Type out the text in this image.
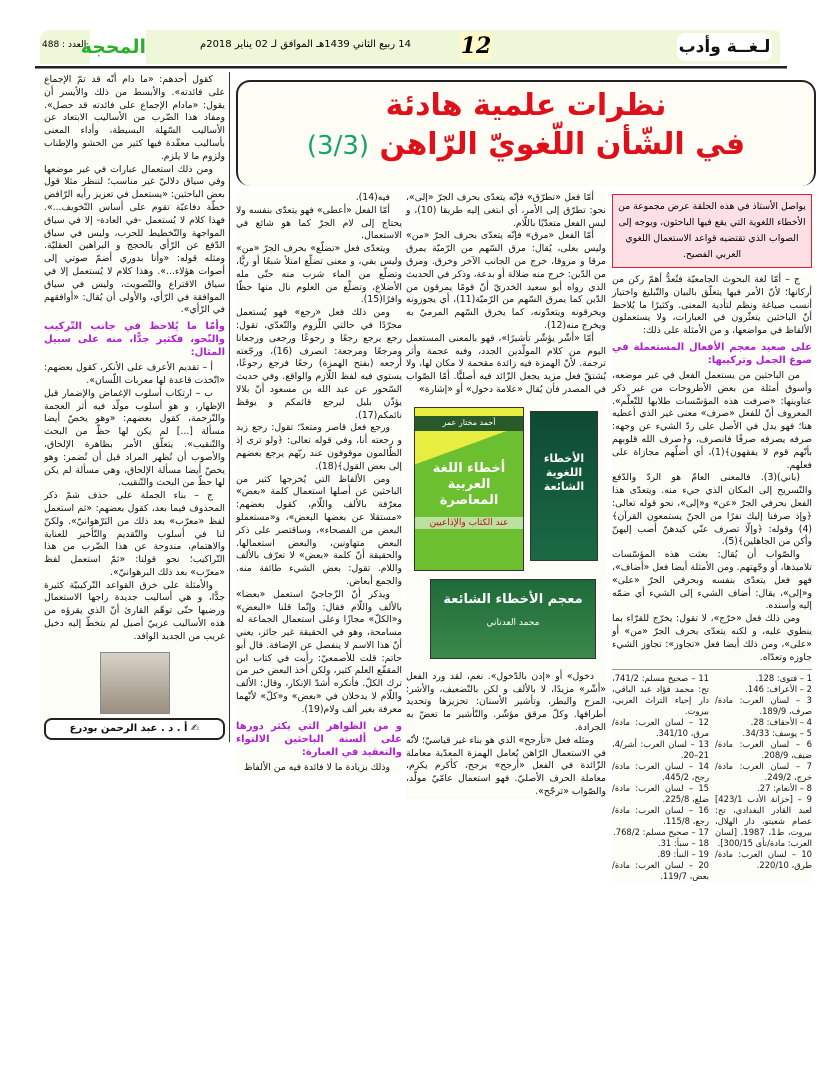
لـغــة وأدب
12
14 ربيع الثاني 1439هـ الموافق لـ 02 يناير 2018م
المحجة
العدد : 488
نظرات علمية هادئة
في الشّأن اللّغويّ الرّاهن (3/3)
يواصل الأستاذ في هذه الحلقة عرض مجموعة من الأخطاء اللغوية التي يقع فيها الباحثون، ويوجه إلى الصواب الذي تقتضيه قواعد الاستعمال اللغوي العربي الفصيح.

ج – أمّا لغة البحوث الجامعيّة فتُعدُّ أهمّ ركن من أركانها؛ لأنّ الأمر فيها يتعلّق بالبيان والتّبليغ واختيار أنسب صياغة ونظم لتأدية المعنى. وكثيرًا ما يُلاحظ أنّ الباحثين يتعثّرون في العبارات، ولا يستعملون الألفاظ في مواضعها، و من الأمثلة على ذلك:

على صعيد معجم الأفعال المستعملة في صوغ الجمل وتركيبها:

من الباحثين من يستعمل الفعل في غير موضعه، وأسوق أمثلة من بعض الأطروحات من غير ذكر عناوينها: «صرفت هذه المؤسّسات طلابها للتّعلّم». المعروف أنّ للفعل «صرف» معنى غير الذي أعطيه هنا؛ فهو يدل في الأصل على ردّ الشيء عن وجهه: صرفه يصرفه صرفًا فانصرف، و﴿صرف الله قلوبهم بأنّهم قوم لا يفقهون﴾(1)، أي أضلّهم مجازاة على فعلهم.

(باني)(3). فالمعنى العامّ هو الردّ والدّفع والتّسريح إلى المكان الذي جيء منه. ويتعدّى هذا الفعل بحرفي الجرّ «عن» و«إلى»، نحو قوله تعالى: ﴿وإذ صرفنا إليك نفرًا من الجنّ يستمعون القرآن﴾(4) وقوله: ﴿وإلّا تصرف عنّي كيدهنّ أصب إليهنّ وأكن من الجاهلين﴾(5).

والصّواب أن يُقال: بعثت هذه المؤسّسات تلاميذها، أو وجّهتهم. ومن الأمثلة أيضا فعل «أضاف»، فهو فعل يتعدّى بنفسه وبحرفي الجرّ «على» و«إلى»، يقال: أضاف الشيء إلى الشيء أي ضمّه إليه وأسنده.

ومن ذلك فعل «خرّج»، لا تقول: يخرّج للقرّاء بما ينطوي عليه، و لكنه يتعدّى بحرف الجرّ «من» أو «على»، ومن ذلك أيضا فعل «تجاوز»: تجاوز الشيء جاوزه وتعدّاه.

1 – فتوى: 128.
2 – الأعراف: 146.
3 – لسان العرب: مادة/صرف، 189/9.
4 – الأحقاف: 28.
5 – يوسف: 34/33.
6 – لسان العرب: مادة/ضيف، 208/9.
7 – لسان العرب: مادة/خرج، 249/2.
8 – الأنعام: 27.
9 – [خزانة الأدب 423/1] لعبد القادر البغدادي، تح: عصام شعيتو، دار الهلال، بيروت، ط1، 1987. [لسان العرب: مادة/نأى 300/15].
10 – لسان العرب: مادة/طرق، 220/10.
11 – صحيح مسلم: 741/2، تح: محمد فؤاد عبد الباقي، دار إحياء التراث العربي، بيروت.
12 – لسان العرب: مادة/مرق، 341/10.
13 – لسان العرب: أشر/4، 21–20.
14 – لسان العرب: مادة/رجح، 445/2.
15 – لسان العرب: مادة/ضلع، 225/8.
16 – لسان العرب: مادة/رجع، 115/8.
17 – صحيح مسلم: 768/2.
18 – سبأ: 31.
19 – النبأ: 89.
20 – لسان العرب: مادة/بعض، 119/7.

أمّا فعل «تطرّق» فإنّه يتعدّى بحرف الجرّ «إلى»، نحو: تطرّق إلى الأمر، أي ابتغى إليه طريقا (10)، و ليس الفعل متعدّيًا باللّام.

أمّا الفعل «مرق» فإنّه يتعدّى بحرف الجرّ «من» وليس بعلى، يُقال: مرق السّهم من الرّميّة يمرق مرقا و مروقا، خرج من الجانب الآخر وخرق. ومرق من الدّين: خرج منه ضلالة أو بدعة، وذكر في الحديث الذي رواه أبو سعيد الخدريّ أنّ قومًا يمرقون من الدّين كما يمرق السّهم من الرّميّة(11)، أي يجوزونه ويخرقونه ويتعدّونه، كما يخرق السّهم المرميّ به ويخرج منه(12).

أمّا «أشّر يؤشّر تأشيرًا»، فهو بالمعنى المستعمل اليوم من كلام المولّدين الجدد، وفيه عجمة وأثر ترجمة. لأنّ الهمزة فيه زائدة مقحمة لا مكان لها، ولا يُشتقّ فعل مزيد يجعل الزّائد فيه أصليًّا. أمّا الصّواب في المصدر فأن يُقال «علامة دخول» أو «إشارة»

أحمد مختار عمر
أخطاء اللغة العربية المعاصرة
عند الكتاب والإذاعيين
الأخطاء اللغوية الشائعة
معجم الأخطاء الشائعة
محمد العدناني

دخول» أو «إذن بالدّخول». نعم، لقد ورد الفعل «أشّر» مزيدًا، لا بالألف و لكن بالتّضعيف، والأشر: المرح والبطر، وتأشير الأسنان: تحزيزها وتحديد أطرافها. وكلّ مرقق مؤشّر. والتّأشير ما تعضّ به الجرادة.

ومثله فعل «تأرجح» الذي هو بناء غير قياسيّ؛ لأنّه في الاستعمال الرّاهن يُعامل الهمزة المعدّية معاملة الزّائدة في الفعل «أرجح» يرجح، كأكرم يكرم، معاملة الحرف الأصليّ. فهو استعمال عامّيّ مولّد، والصّواب «ترجّح».

فيه(14).

أمّا الفعل «أعطى» فهو يتعدّى بنفسه ولا يحتاج إلى لام الجرّ كما هو شائع في الاستعمال.

ويتعدّى فعل «تضلّع» بحرف الجرّ «من» وليس بفي، و معنى تضلّع امتلأ شبعًا أو ريًّا، وتضلّع من الماء شرب منه حتّى مله الأضلاع، وتضلّع من العلوم نال منها حظّا وافرًا(15).

ومن ذلك فعل «رجع» فهو يُستعمل مجرّدًا في حالتي اللّزوم والتّعدّي، تقول: رجع يرجع رجعًا و رجوعًا ورجعى ورجعانا ومرجعًا ومرجعة: انصرف (16)، ورجّعته أرجعه (بفتح الهمزة) رجعًا فرجع رجوعًا، يستوي فيه لفظ اللّازم والواقع. وفي حديث السّحور عن عبد الله بن مسعود أنّ بلالا يؤذّن بليل ليرجع قائمكم و يوقظ نائمكم(17).

ورجع فعل قاصر ومتعدّ؛ تقول: رجع زيد و رجعته أنا، وفي قوله تعالى: ﴿ولو ترى إذ الظّالمون موقوفون عند ربّهم يرجع بعضهم إلى بعض القول﴾(18).

ومن الألفاظ التي يُخرجها كثير من الباحثين عن أصلها استعمال كلمة «بعض» معرّفة بالألف واللّام، كقول بعضهم: «مستقلا عن بعضها البعض»، و«مستعملو البعض من الفصحاء»، وساقتصر على ذكر البعض متهاونين، والبعض استعمالها. والحقيقة أنّ كلمة «بعض» لا تعرّف بالألف واللام. تقول: بعض الشيء طائفة منه. والجمع أبعاض.

ويذكر أنّ الزّجاجيّ استعمل «بعضا» بالألف واللّام فقال: وإنّما قلنا «البعض» و«الكلّ» مجازًا وعلى استعمال الجماعة له مسامحة، وهو في الحقيقة غير جائز، يعني أنّ هذا الاسم لا ينفصل عن الإضافة. قال أبو حاتم: قلت للأصمعيّ: رأيت في كتاب ابن المقفّع العلم كثير، ولكن أخذ البعض خير من ترك الكلّ. فأنكره أشدّ الإنكار، وقال: الألف واللّام لا يدخلان في «بعض» و«كلّ» لأنّهما معرفة بغير ألف ولام(19).

و من الظواهر التي يكثر دورها على ألسنة الباحثين الالتواء والتعقيد في العبارة:

وذلك بزيادة ما لا فائدة فيه من الألفاظ

كقول أحدهم: «ما دام أنّه قد تمّ الإجماع على فائدته». والأبسط من ذلك والأيسر أن يقول: «مادام الإجماع على فائدته قد حصل». ومفاد هذا الضّرب من الأساليب الابتعاد عن الأساليب السّهلة البسيطة، وأداء المعنى بأساليب معقّدة فيها كثير من الحشو والإطناب ولزوم ما لا يلزم.

ومن ذلك استعمال عبارات في غير موضعها وفي سياق دلاليّ غير مناسب؛ لننظر مثلا قول بعض الباحثين: «يستعمل في تعزيز رأيه الرّافض خطّة دفاعيّة تقوم على أساس التّخويف...». فهذا كلام لا يُستعمل -في العادة- إلا في سياق المواجهة والتّخطيط للحرب، وليس في سياق الدّفع عن الرّأي بالحجج و البراهين العقليّة. ومثله قوله: «وأنا بدوري أضمّ صوتي إلى أصوات هؤلاء...». وهذا كلام لا يُستعمل إلا في سياق الاقتراع والتّصويت، وليس في سياق الموافقة في الرّأي، والأولى أن يُقال: «أوافقهم في الرّأي».

وأمّا ما يُلاحظ في جانب التّركيب والنّحو، فكثير جدًّا، منه على سبيل المثال:

أ – تقديم الأعرف على الأنكر، كقول بعضهم: «اتّخذت قاعدة لها معربات اللّسان».

ب – ارتكاب أسلوب الإغماض والإضمار قبل الإظهار، و هو أسلوب مولّد فيه أثر العجمة والتّرجمة، كقول بعضهم: «وهو يخصّ أيضا مسألة [...] لم يكن لها حظّ من البحث والتّنقيب». يتعلّق الأمر بظاهرة الإلحاق، والأصوب أن تُظهر المراد قبل أن تُضمر: وهو يخصّ أيضا مسألة الإلحاق، وهي مسألة لم يكن لها حظّ من البحث والتّنقيب.

ج – بناء الجملة على حذف شمّ ذكر المحذوف فيما بعد، كقول بعضهم: «ثم استعمل لفظ «معرّب» بعد ذلك من البَرْهوانيّ». ولكنّ لنا في أسلوب والتّقديم والتّأخير للعناية والاهتمام، مندوحة عن هذا الضّرب من هذا التّراكيب؛ نحو قولنا: «ثمّ استعمل لفظ «معرّب» بعد ذلك البرهوانيّ».

والأمثلة على خرق القواعد التّركيبيّة كثيرة جدًّا، و هي أساليب جديدة راجها الاستعمال ورضيها حتّى توهّم القارئ أنّ الذي يقرؤه من هذه الأساليب عربيّ أصيل لم يتخطّ إليه دخيل غريب من الجديد الوافد.

✍ أ . د . عبد الرحمن بودرع
